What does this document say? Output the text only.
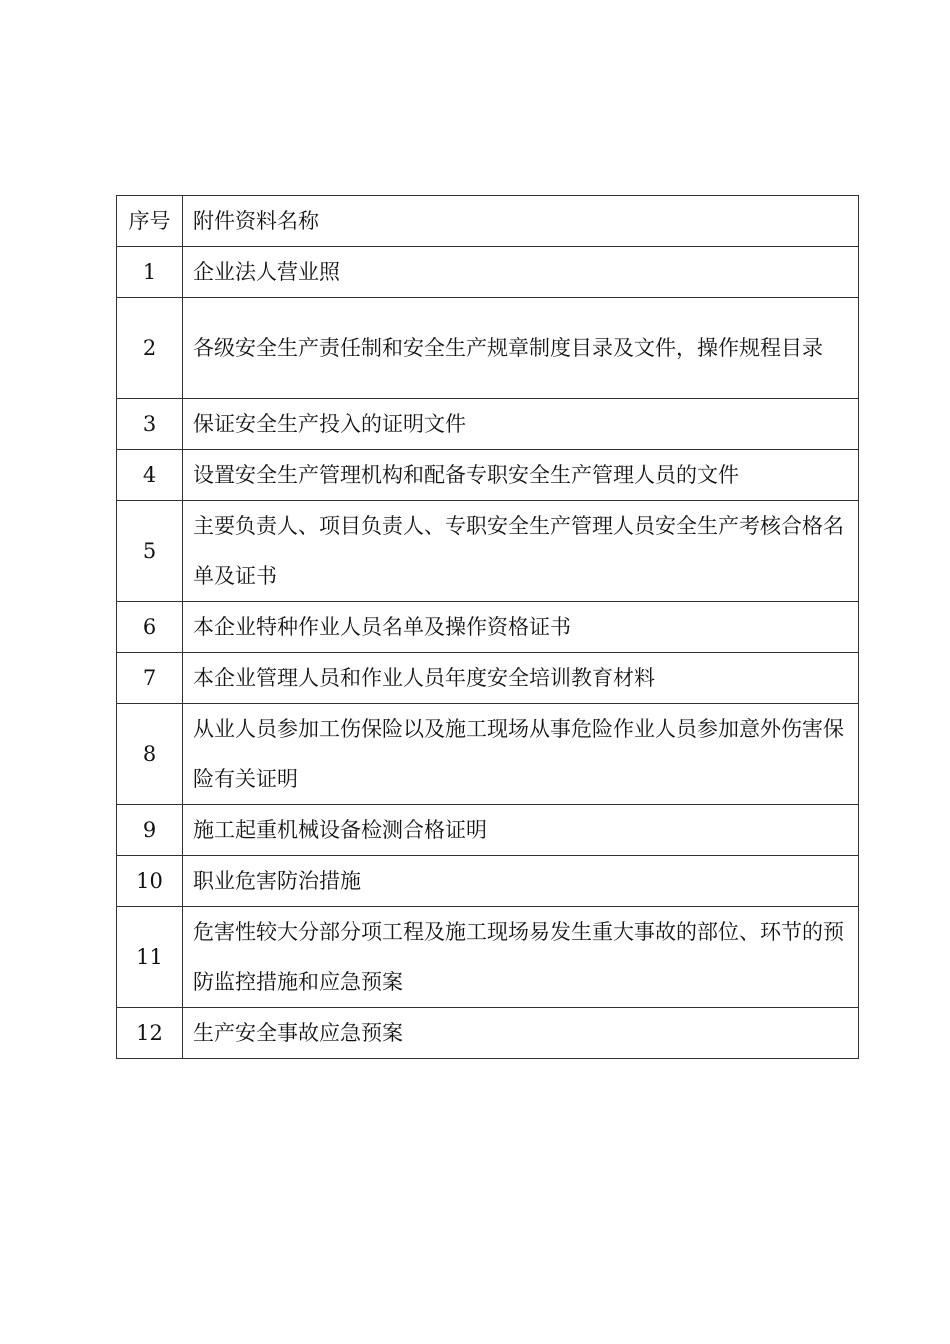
序号	附件资料名称
1	企业法人营业照
2	各级安全生产责任制和安全生产规章制度目录及文件，操作规程目录
3	保证安全生产投入的证明文件
4	设置安全生产管理机构和配备专职安全生产管理人员的文件
5	主要负责人、项目负责人、专职安全生产管理人员安全生产考核合格名单及证书
6	本企业特种作业人员名单及操作资格证书
7	本企业管理人员和作业人员年度安全培训教育材料
8	从业人员参加工伤保险以及施工现场从事危险作业人员参加意外伤害保险有关证明
9	施工起重机械设备检测合格证明
10	职业危害防治措施
11	危害性较大分部分项工程及施工现场易发生重大事故的部位、环节的预防监控措施和应急预案
12	生产安全事故应急预案
